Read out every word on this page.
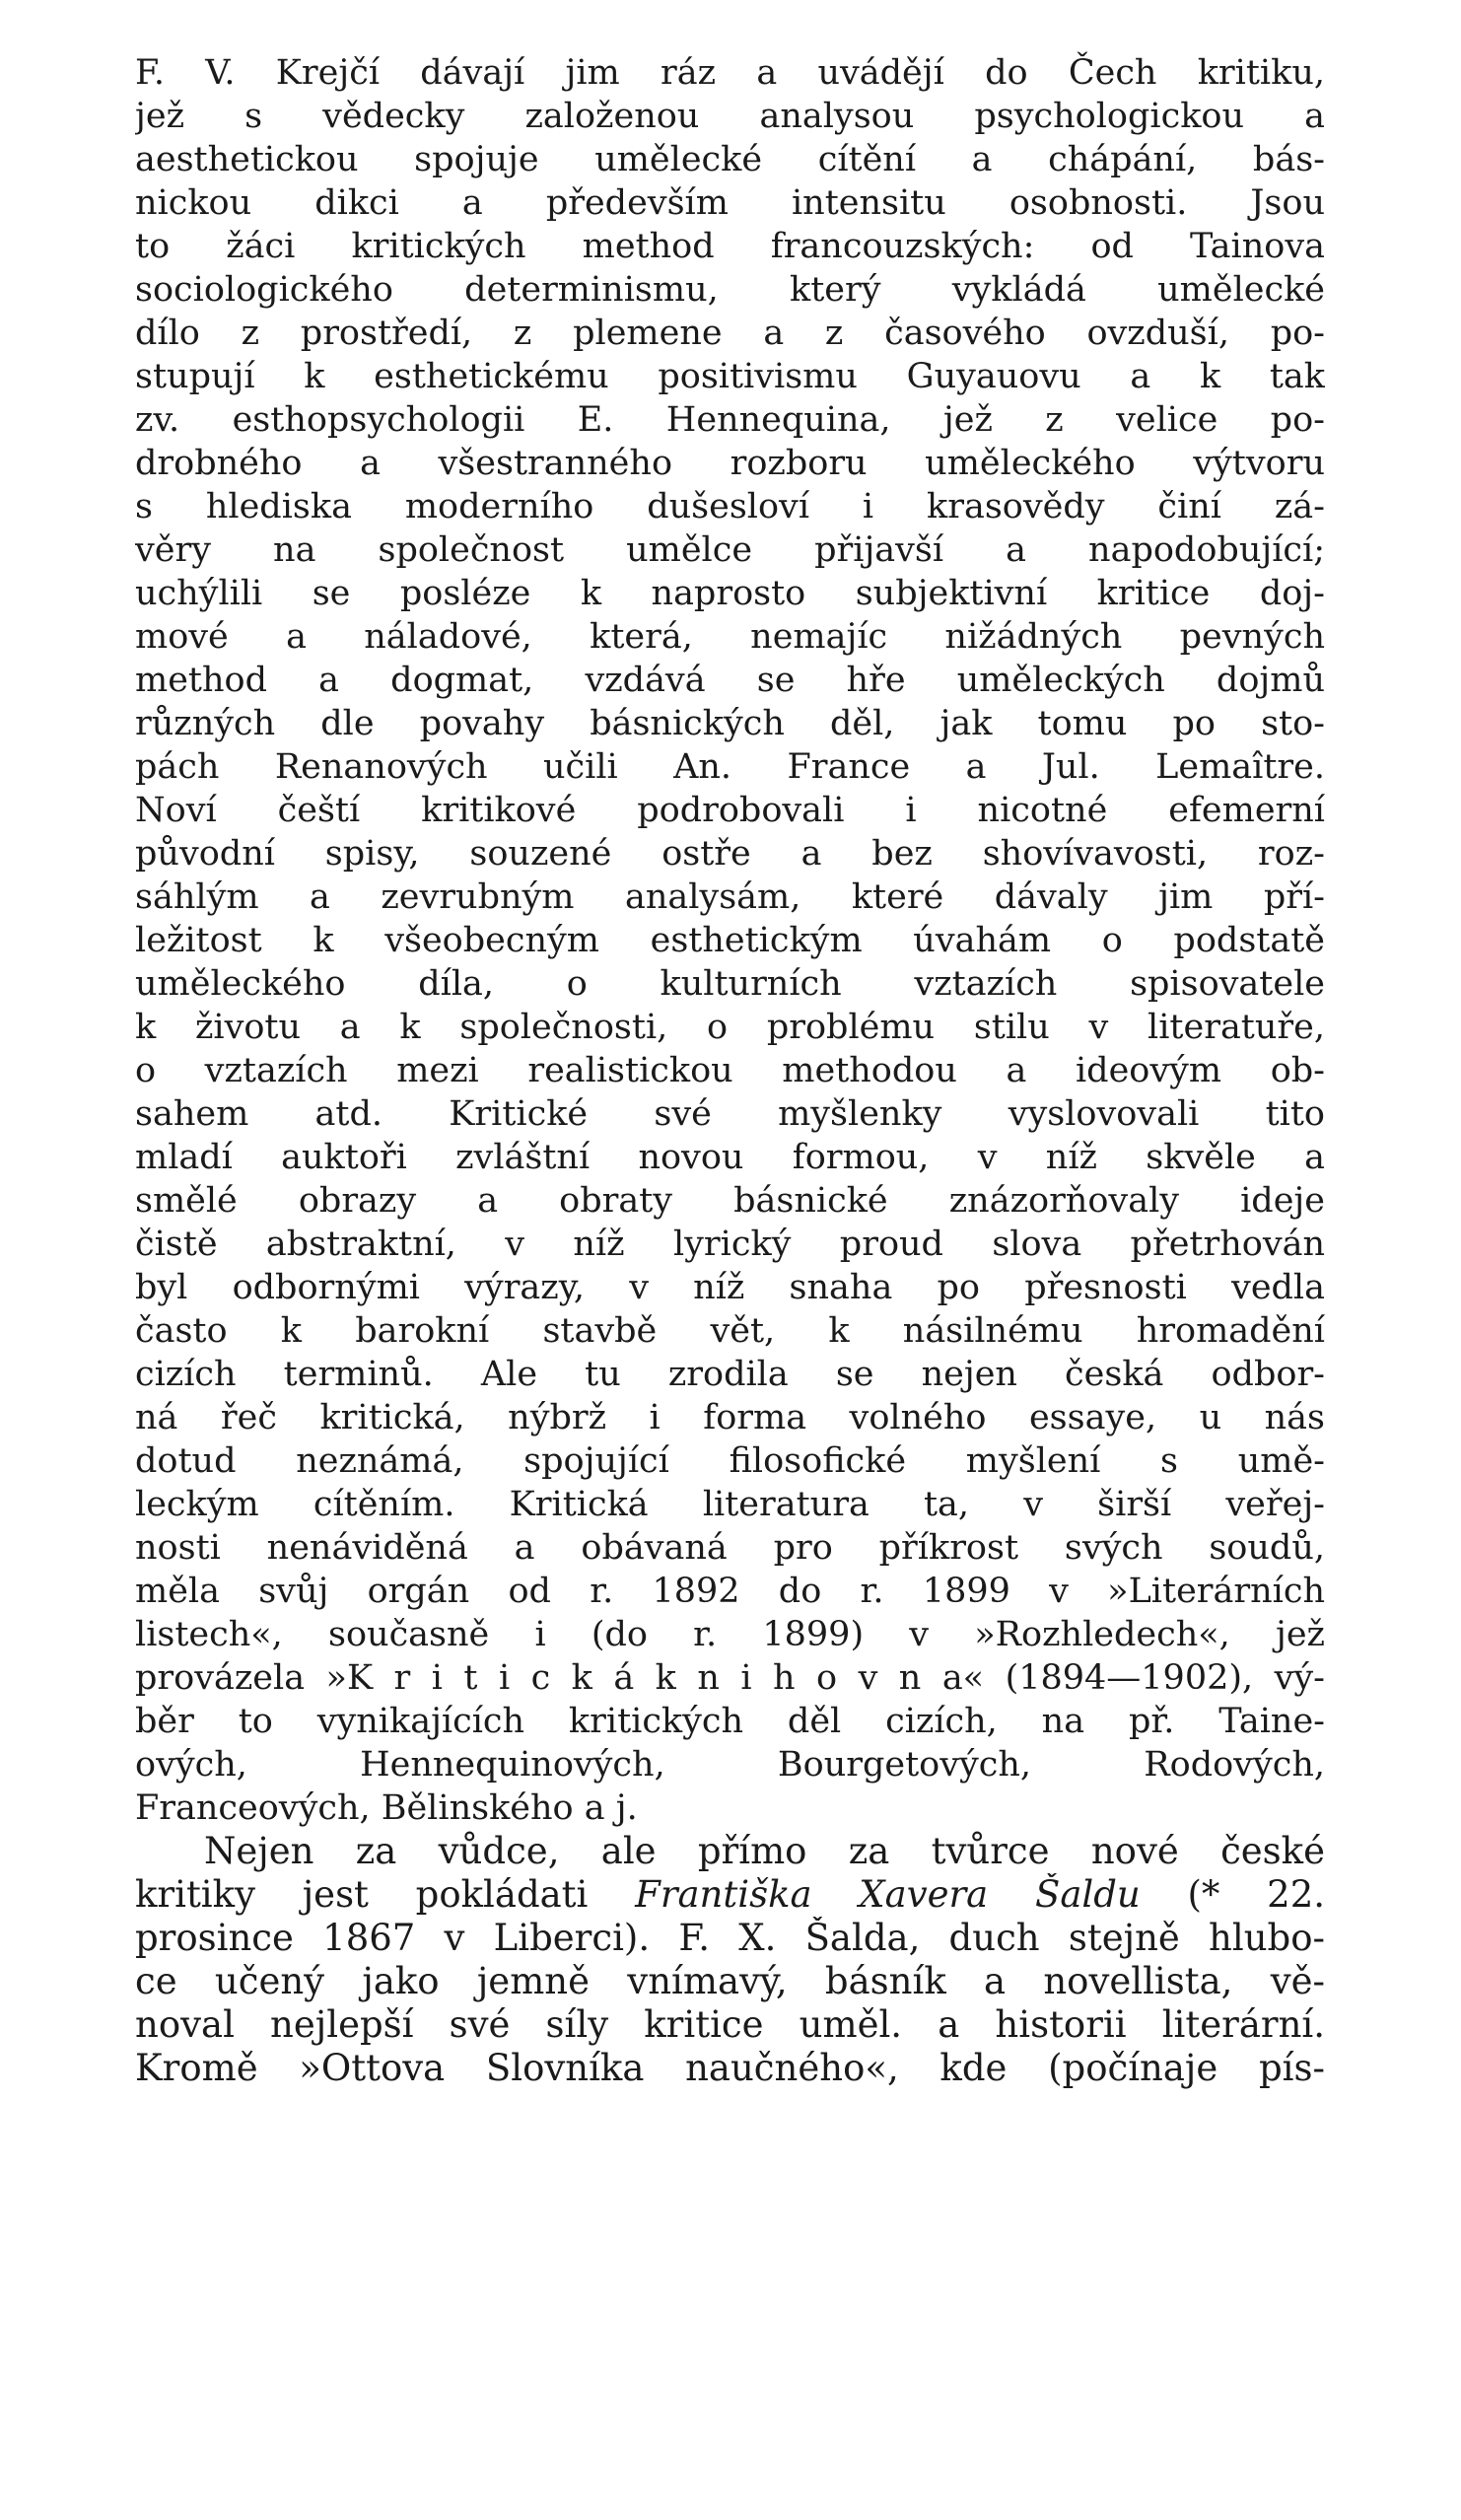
F. V. Krejčí dávají jim ráz a uvádějí do Čech kritiku,
jež s vědecky založenou analysou psychologickou a
aesthetickou spojuje umělecké cítění a chápání, bás-
nickou dikci a především intensitu osobnosti. Jsou
to žáci kritických method francouzských: od Tainova
sociologického determinismu, který vykládá umělecké
dílo z prostředí, z plemene a z časového ovzduší, po-
stupují k esthetickému positivismu Guyauovu a k tak
zv. esthopsychologii E. Hennequina, jež z velice po-
drobného a všestranného rozboru uměleckého výtvoru
s hlediska moderního dušesloví i krasovědy činí zá-
věry na společnost umělce přijavší a napodobující;
uchýlili se posléze k naprosto subjektivní kritice doj-
mové a náladové, která, nemajíc nižádných pevných
method a dogmat, vzdává se hře uměleckých dojmů
různých dle povahy básnických děl, jak tomu po sto-
pách Renanových učili An. France a Jul. Lemaître.
Noví čeští kritikové podrobovali i nicotné efemerní
původní spisy, souzené ostře a bez shovívavosti, roz-
sáhlým a zevrubným analysám, které dávaly jim pří-
ležitost k všeobecným esthetickým úvahám o podstatě
uměleckého díla, o kulturních vztazích spisovatele
k životu a k společnosti, o problému stilu v literatuře,
o vztazích mezi realistickou methodou a ideovým ob-
sahem atd. Kritické své myšlenky vyslovovali tito
mladí auktoři zvláštní novou formou, v níž skvěle a
smělé obrazy a obraty básnické znázorňovaly ideje
čistě abstraktní, v níž lyrický proud slova přetrhován
byl odbornými výrazy, v níž snaha po přesnosti vedla
často k barokní stavbě vět, k násilnému hromadění
cizích terminů. Ale tu zrodila se nejen česká odbor-
ná řeč kritická, nýbrž i forma volného essaye, u nás
dotud neznámá, spojující filosofické myšlení s umě-
leckým cítěním. Kritická literatura ta, v širší veřej-
nosti nenáviděná a obávaná pro příkrost svých soudů,
měla svůj orgán od r. 1892 do r. 1899 v »Literárních
listech«, současně i (do r. 1899) v »Rozhledech«, jež
provázela »K r i t i c k á k n i h o v n a« (1894—1902), vý-
běr to vynikajících kritických děl cizích, na př. Taine-
ových, Hennequinových, Bourgetových, Rodových,
Franceových, Bělinského a j.
Nejen za vůdce, ale přímo za tvůrce nové české
kritiky jest pokládati Františka Xavera Šaldu (* 22.
prosince 1867 v Liberci). F. X. Šalda, duch stejně hlubo-
ce učený jako jemně vnímavý, básník a novellista, vě-
noval nejlepší své síly kritice uměl. a historii literární.
Kromě »Ottova Slovníka naučného«, kde (počínaje pís-
